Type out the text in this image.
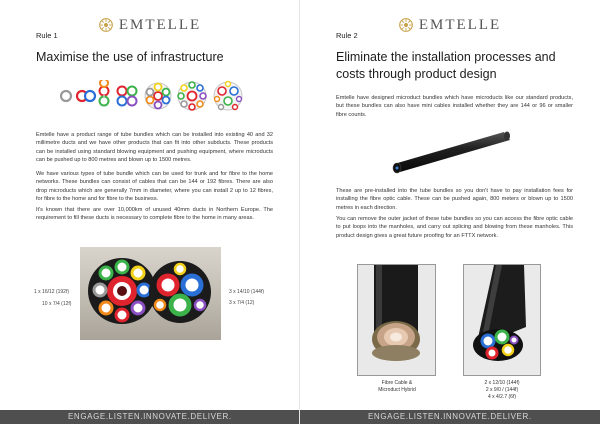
EMTELLE
Rule 1
Maximise the use of infrastructure

Emtelle have a product range of tube bundles which can be installed into existing 40 and 32 millimetre ducts and we have other products that can fit into other subducts. These products can be installed using standard blowing equipment and pushing equipment, where microducts can be pushed up to 800 metres and blown up to 1500 metres.

We have various types of tube bundle which can be used for trunk and for fibre to the home networks. These bundles can consist of cables that can be 144 or 192 fibres. There are also drop microducts which are generally 7mm in diameter, where you can install 2 up to 12 fibres, for fibre to the home and for fibre to the business.

It's known that there are over 10,000km of unused 40mm ducts in Northern Europe. The requirement to fill these ducts is necessary to complete fibre to the home in many areas.

1 x 16/12 (192f)
10 x 7/4 (12f)
3 x 14/10 (144f)
3 x 7/4 (12)
ENGAGE.LISTEN.INNOVATE.DELIVER.
EMTELLE
Rule 2
Eliminate the installation processes and costs through product design

Emtelle have designed microduct bundles which have microducts like our standard products, but these bundles can also have mini cables installed whether they are 144 or 96 or smaller fibre counts.

These are pre-installed into the tube bundles so you don't have to pay installation fees for installing the fibre optic cable. These can be pushed again, 800 meters or blown up to 1500 metres in each direction.

You can remove the outer jacket of these tube bundles so you can access the fibre optic cable to put loops into the manholes, and carry out splicing and blowing from these manholes. This product design gives a great future proofing for an FTTX network.

Fibre Cable &
Microduct Hybrid
2 x 12/10 (144f)
2 x 9/0 / (144f)
4 x 4/2.7 (6f)
ENGAGE.LISTEN.INNOVATE.DELIVER.
